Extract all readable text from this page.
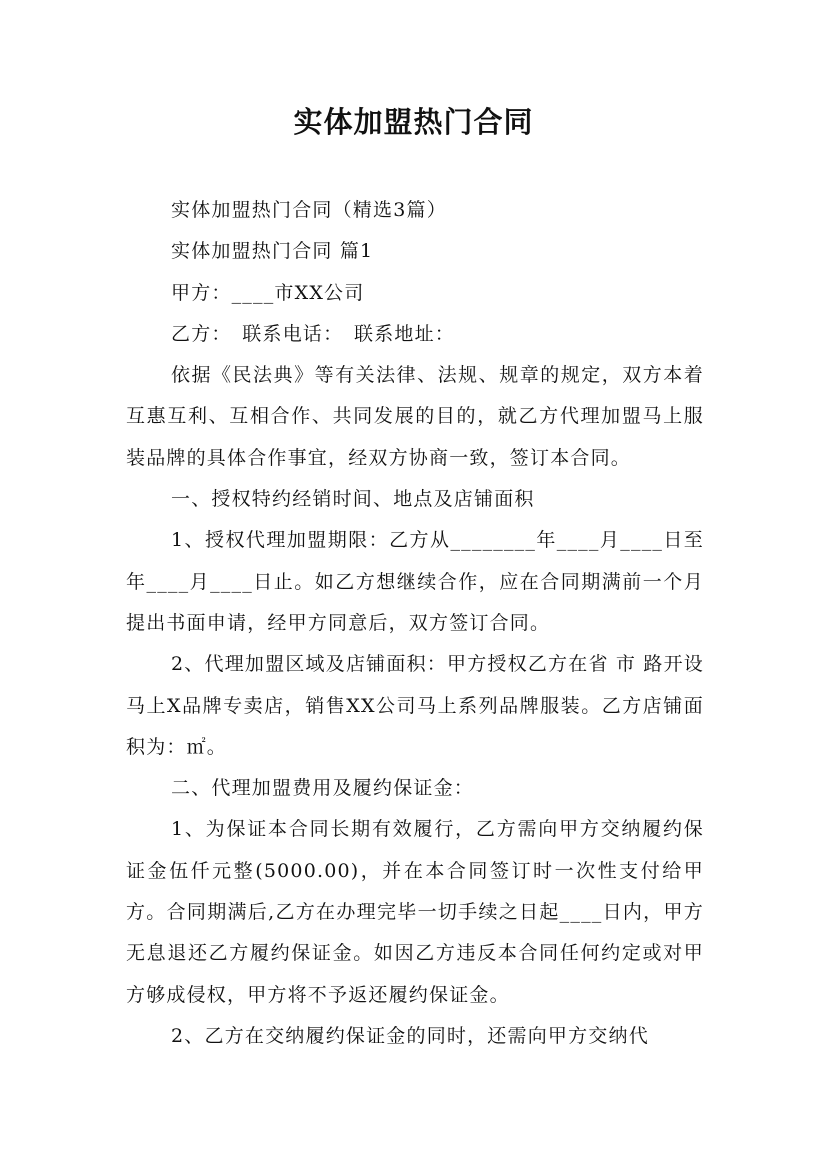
实体加盟热门合同

实体加盟热门合同（精选3篇）

实体加盟热门合同 篇1

甲方：____市XX公司

乙方：　联系电话：　联系地址：

依据《民法典》等有关法律、法规、规章的规定，双方本着互惠互利、互相合作、共同发展的目的，就乙方代理加盟马上服装品牌的具体合作事宜，经双方协商一致，签订本合同。

一、授权特约经销时间、地点及店铺面积

1、授权代理加盟期限：乙方从________年____月____日至年____月____日止。如乙方想继续合作，应在合同期满前一个月提出书面申请，经甲方同意后，双方签订合同。

2、代理加盟区域及店铺面积：甲方授权乙方在省 市 路开设马上X品牌专卖店，销售XX公司马上系列品牌服装。乙方店铺面积为：㎡。

二、代理加盟费用及履约保证金：

1、为保证本合同长期有效履行，乙方需向甲方交纳履约保证金伍仟元整(5000.00)，并在本合同签订时一次性支付给甲方。合同期满后,乙方在办理完毕一切手续之日起____日内，甲方无息退还乙方履约保证金。如因乙方违反本合同任何约定或对甲方够成侵权，甲方将不予返还履约保证金。

2、乙方在交纳履约保证金的同时，还需向甲方交纳代
